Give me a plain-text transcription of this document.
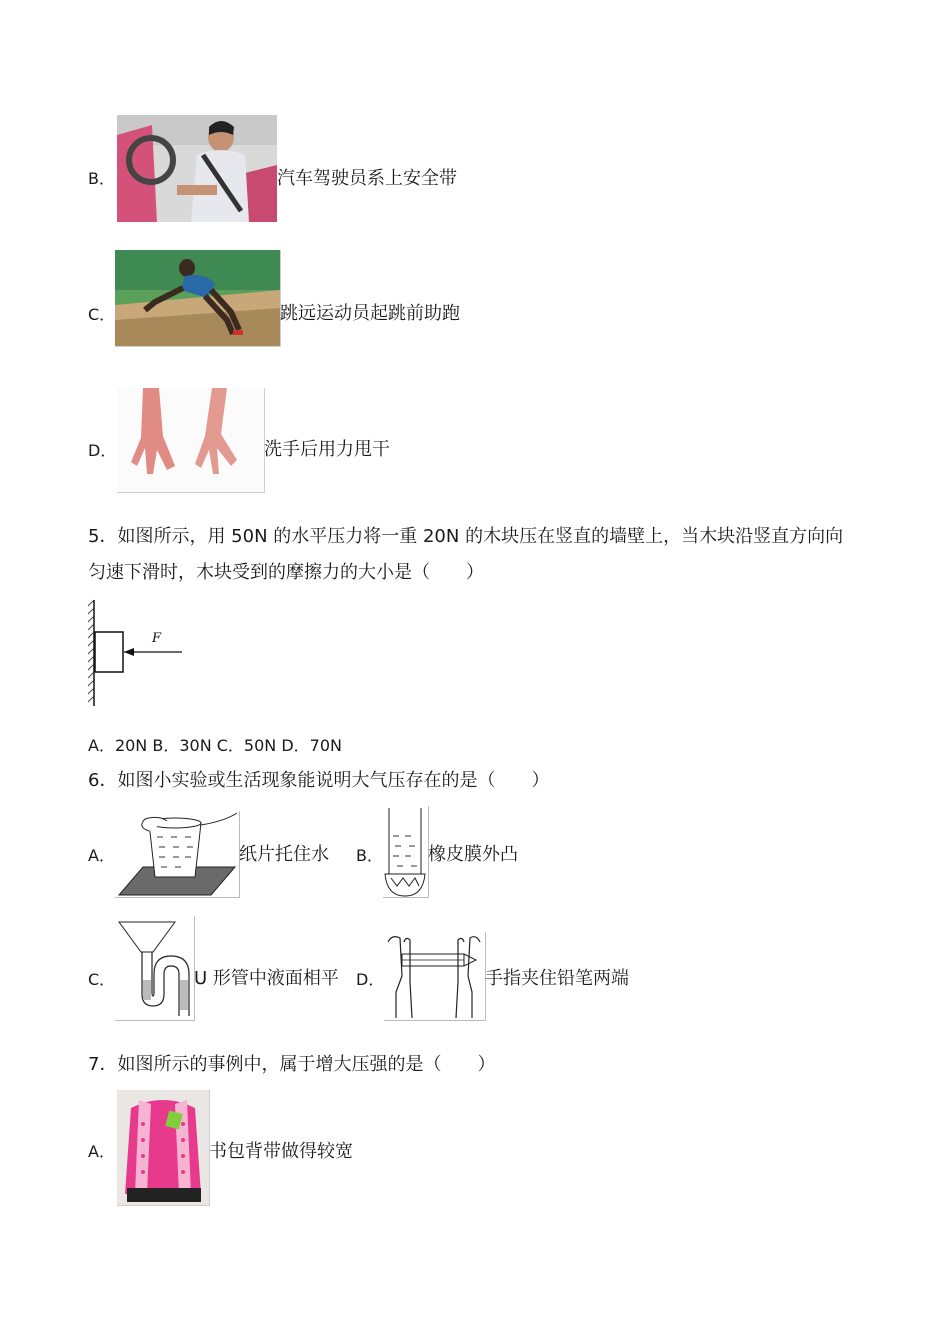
B．	汽车驾驶员系上安全带
C．	跳远运动员起跳前助跑
D．	洗手后用力甩干
5．如图所示，用 50N 的水平压力将一重 20N 的木块压在竖直的墙壁上，当木块沿竖直方向向
匀速下滑时，木块受到的摩擦力的大小是（　　）
F
A．20N B．30N C．50N D．70N
6．如图小实验或生活现象能说明大气压存在的是（　　）
A．	纸片托住水 B．	橡皮膜外凸
C．	U 形管中液面相平 D．	手指夹住铅笔两端
7．如图所示的事例中，属于增大压强的是（　　）
A．	书包背带做得较宽
